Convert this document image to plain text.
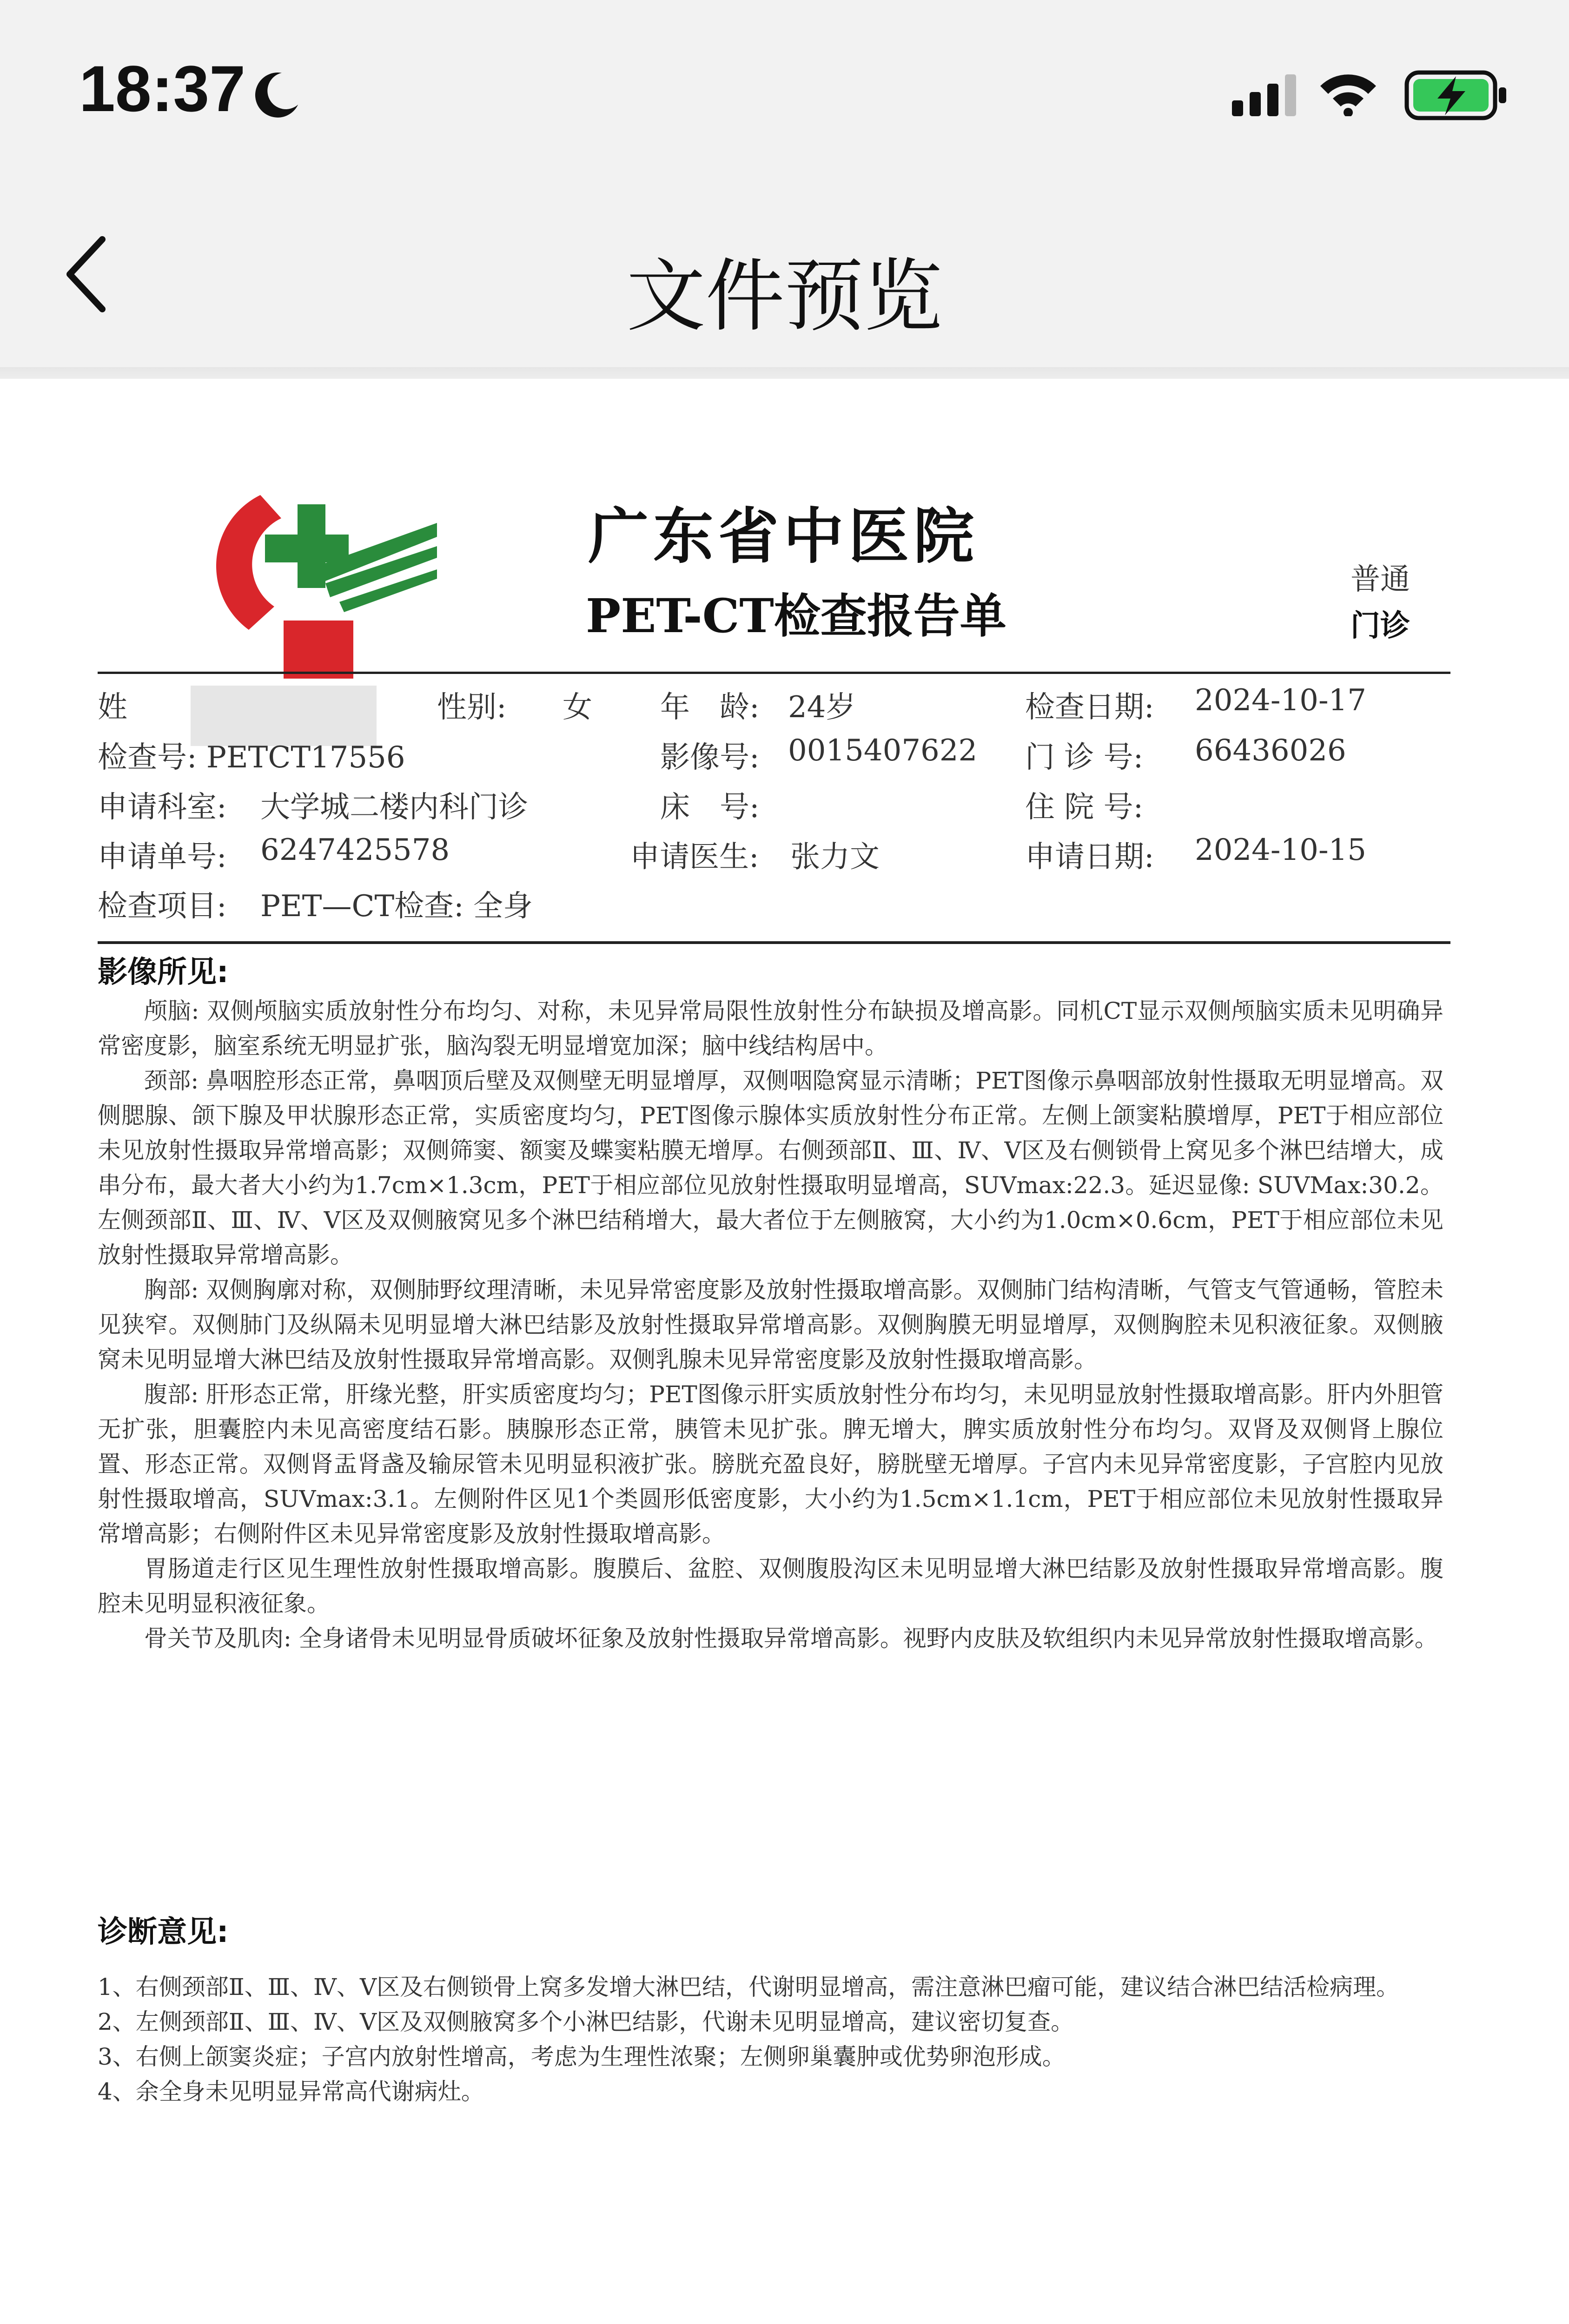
18:37
文件预览
广东省中医院
PET-CT检查报告单
普通
门诊
姓	性别: 女 年　龄: 24岁	检查日期: 2024-10-17
检查号: PETCT17556	影像号: 0015407622 门 诊 号: 66436026
申请科室: 大学城二楼内科门诊	床　号:	住 院 号:
申请单号: 6247425578	申请医生: 张力文	申请日期: 2024-10-15
检查项目: PET—CT检查: 全身
影像所见:
颅脑: 双侧颅脑实质放射性分布均匀、对称，未见异常局限性放射性分布缺损及增高影。同机CT显示双侧颅脑实质未见明确异常密度影，脑室系统无明显扩张，脑沟裂无明显增宽加深；脑中线结构居中。
颈部: 鼻咽腔形态正常，鼻咽顶后壁及双侧壁无明显增厚，双侧咽隐窝显示清晰；PET图像示鼻咽部放射性摄取无明显增高。双侧腮腺、颌下腺及甲状腺形态正常，实质密度均匀，PET图像示腺体实质放射性分布正常。左侧上颌窦粘膜增厚，PET于相应部位未见放射性摄取异常增高影；双侧筛窦、额窦及蝶窦粘膜无增厚。右侧颈部Ⅱ、Ⅲ、Ⅳ、Ⅴ区及右侧锁骨上窝见多个淋巴结增大，成串分布，最大者大小约为1.7cm×1.3cm，PET于相应部位见放射性摄取明显增高，SUVmax:22.3。延迟显像: SUVMax:30.2。左侧颈部Ⅱ、Ⅲ、Ⅳ、Ⅴ区及双侧腋窝见多个淋巴结稍增大，最大者位于左侧腋窝，大小约为1.0cm×0.6cm，PET于相应部位未见放射性摄取异常增高影。
胸部: 双侧胸廓对称，双侧肺野纹理清晰，未见异常密度影及放射性摄取增高影。双侧肺门结构清晰，气管支气管通畅，管腔未见狭窄。双侧肺门及纵隔未见明显增大淋巴结影及放射性摄取异常增高影。双侧胸膜无明显增厚，双侧胸腔未见积液征象。双侧腋窝未见明显增大淋巴结及放射性摄取异常增高影。双侧乳腺未见异常密度影及放射性摄取增高影。
腹部: 肝形态正常，肝缘光整，肝实质密度均匀；PET图像示肝实质放射性分布均匀，未见明显放射性摄取增高影。肝内外胆管无扩张，胆囊腔内未见高密度结石影。胰腺形态正常，胰管未见扩张。脾无增大，脾实质放射性分布均匀。双肾及双侧肾上腺位置、形态正常。双侧肾盂肾盏及输尿管未见明显积液扩张。膀胱充盈良好，膀胱壁无增厚。子宫内未见异常密度影，子宫腔内见放射性摄取增高，SUVmax:3.1。左侧附件区见1个类圆形低密度影，大小约为1.5cm×1.1cm，PET于相应部位未见放射性摄取异常增高影；右侧附件区未见异常密度影及放射性摄取增高影。
胃肠道走行区见生理性放射性摄取增高影。腹膜后、盆腔、双侧腹股沟区未见明显增大淋巴结影及放射性摄取异常增高影。腹腔未见明显积液征象。
骨关节及肌肉: 全身诸骨未见明显骨质破坏征象及放射性摄取异常增高影。视野内皮肤及软组织内未见异常放射性摄取增高影。
诊断意见:
1、右侧颈部Ⅱ、Ⅲ、Ⅳ、Ⅴ区及右侧锁骨上窝多发增大淋巴结，代谢明显增高，需注意淋巴瘤可能，建议结合淋巴结活检病理。
2、左侧颈部Ⅱ、Ⅲ、Ⅳ、Ⅴ区及双侧腋窝多个小淋巴结影，代谢未见明显增高，建议密切复查。
3、右侧上颌窦炎症；子宫内放射性增高，考虑为生理性浓聚；左侧卵巢囊肿或优势卵泡形成。
4、余全身未见明显异常高代谢病灶。
